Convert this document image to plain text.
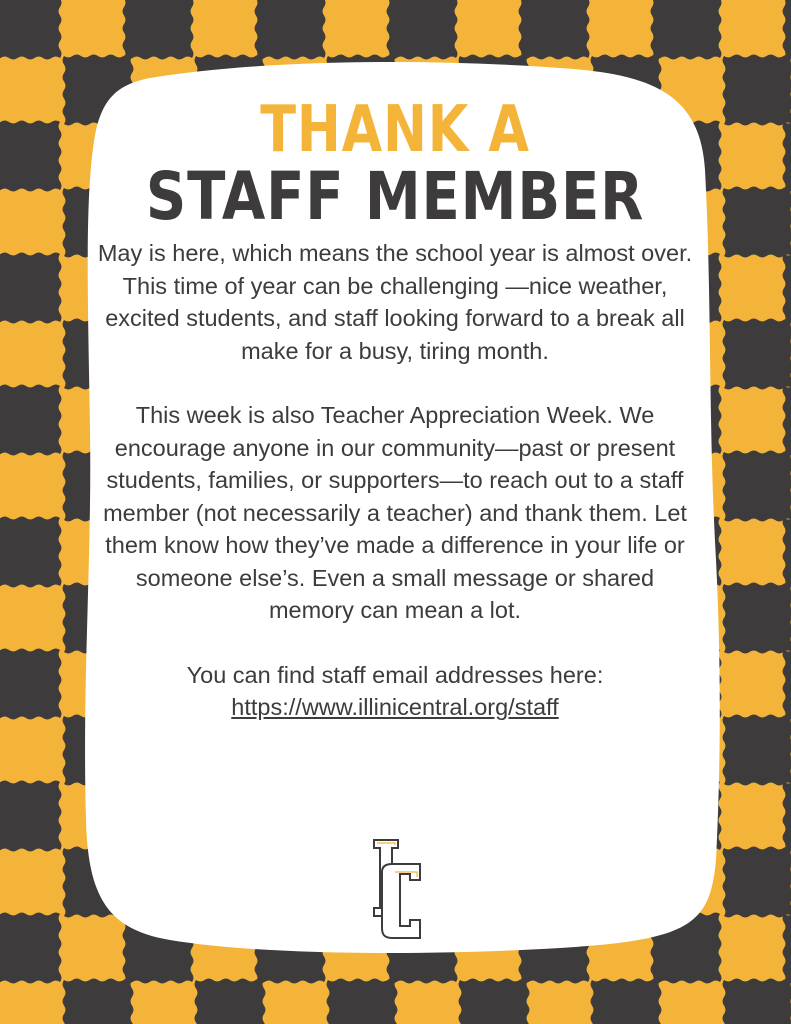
THANK A
STAFF MEMBER

May is here, which means the school year is almost over. This time of year can be challenging —nice weather, excited students, and staff looking forward to a break all make for a busy, tiring month.

This week is also Teacher Appreciation Week. We encourage anyone in our community—past or present students, families, or supporters—to reach out to a staff member (not necessarily a teacher) and thank them. Let them know how they’ve made a difference in your life or someone else’s. Even a small message or shared memory can mean a lot.

You can find staff email addresses here:

https://www.illinicentral.org/staff
